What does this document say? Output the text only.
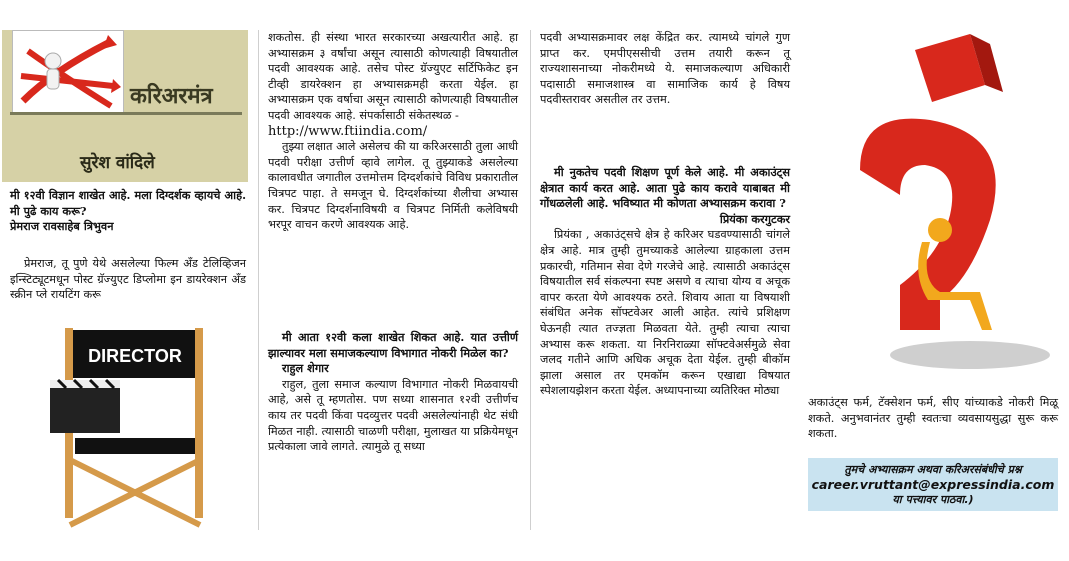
करिअरमंत्र
सुरेश वांदिले

मी १२वी विज्ञान शाखेत आहे. मला दिग्दर्शक व्हायचे आहे. मी पुढे काय करू?

प्रेमराज रावसाहेब त्रिभुवन

प्रेमराज, तू पुणे येथे असलेल्या फिल्म अँड टेलिव्हिजन इन्स्टिट्यूटमधून पोस्ट ग्रॅज्युएट डिप्लोमा इन डायरेक्शन अँड स्क्रीन प्ले रायटिंग करू

DIRECTOR

शकतोस. ही संस्था भारत सरकारच्या अखत्यारीत आहे. हा अभ्यासक्रम ३ वर्षांचा असून त्यासाठी कोणत्याही विषयातील पदवी आवश्यक आहे. तसेच पोस्ट ग्रॅज्युएट सर्टिफिकेट इन टीव्ही डायरेक्शन हा अभ्यासक्रमही करता येईल. हा अभ्यासक्रम एक वर्षाचा असून त्यासाठी कोणत्याही विषयातील पदवी आवश्यक आहे. संपर्कासाठी संकेतस्थळ -

http://www.ftiindia.com/

तुझ्या लक्षात आले असेलच की या करिअरसाठी तुला आधी पदवी परीक्षा उत्तीर्ण व्हावे लागेल. तू तुझ्याकडे असलेल्या कालावधीत जगातील उत्तमोत्तम दिग्दर्शकांचे विविध प्रकारातील चित्रपट पाहा. ते समजून घे. दिग्दर्शकांच्या शैलीचा अभ्यास कर. चित्रपट दिग्दर्शनाविषयी व चित्रपट निर्मिती कलेविषयी भरपूर वाचन करणे आवश्यक आहे.

मी आता १२वी कला शाखेत शिकत आहे. यात उत्तीर्ण झाल्यावर मला समाजकल्याण विभागात नोकरी मिळेल का?

राहुल शेगार

राहुल, तुला समाज कल्याण विभागात नोकरी मिळवायची आहे, असे तू म्हणतोस. पण सध्या शासनात १२वी उत्तीर्णच काय तर पदवी किंवा पदव्युत्तर पदवी असलेल्यांनाही थेट संधी मिळत नाही. त्यासाठी चाळणी परीक्षा, मुलाखत या प्रक्रियेमधून प्रत्येकाला जावे लागते. त्यामुळे तू सध्या

पदवी अभ्यासक्रमावर लक्ष केंद्रित कर. त्यामध्ये चांगले गुण प्राप्त कर. एमपीएससीची उत्तम तयारी करून तू राज्यशासनाच्या नोकरीमध्ये ये. समाजकल्याण अधिकारी पदासाठी समाजशास्त्र वा सामाजिक कार्य हे विषय पदवीस्तरावर असतील तर उत्तम.

मी नुकतेच पदवी शिक्षण पूर्ण केले आहे. मी अकाउंट्स क्षेत्रात कार्य करत आहे. आता पुढे काय करावे याबाबत मी गोंधळलेली आहे. भविष्यात मी कोणता अभ्यासक्रम करावा ?

प्रियंका करगुटकर

प्रियंका , अकाउंट्सचे क्षेत्र हे करिअर घडवण्यासाठी चांगले क्षेत्र आहे. मात्र तुम्ही तुमच्याकडे आलेल्या ग्राहकाला उत्तम प्रकारची, गतिमान सेवा देणे गरजेचे आहे. त्यासाठी अकाउंट्स विषयातील सर्व संकल्पना स्पष्ट असणे व त्याचा योग्य व अचूक वापर करता येणे आवश्यक ठरते. शिवाय आता या विषयाशी संबंधित अनेक सॉफ्टवेअर आली आहेत. त्यांचे प्रशिक्षण घेऊनही त्यात तज्ज्ञता मिळवता येते. तुम्ही त्याचा त्याचा अभ्यास करू शकता. या निरनिराळ्या सॉफ्टवेअर्समुळे सेवा जलद गतीने आणि अधिक अचूक देता येईल. तुम्ही बीकॉम झाला असाल तर एमकॉम करून एखाद्या विषयात स्पेशलायझेशन करता येईल. अध्यापनाच्या व्यतिरिक्त मोठ्या

अकाउंट्स फर्म, टॅक्सेशन फर्म, सीए यांच्याकडे नोकरी मिळू शकते. अनुभवानंतर तुम्ही स्वतःचा व्यवसायसुद्धा सुरू करू शकता.

तुमचे अभ्यासक्रम अथवा करिअरसंबंधीचे प्रश्न
career.vruttant@expressindia.com
या पत्त्यावर पाठवा.)
